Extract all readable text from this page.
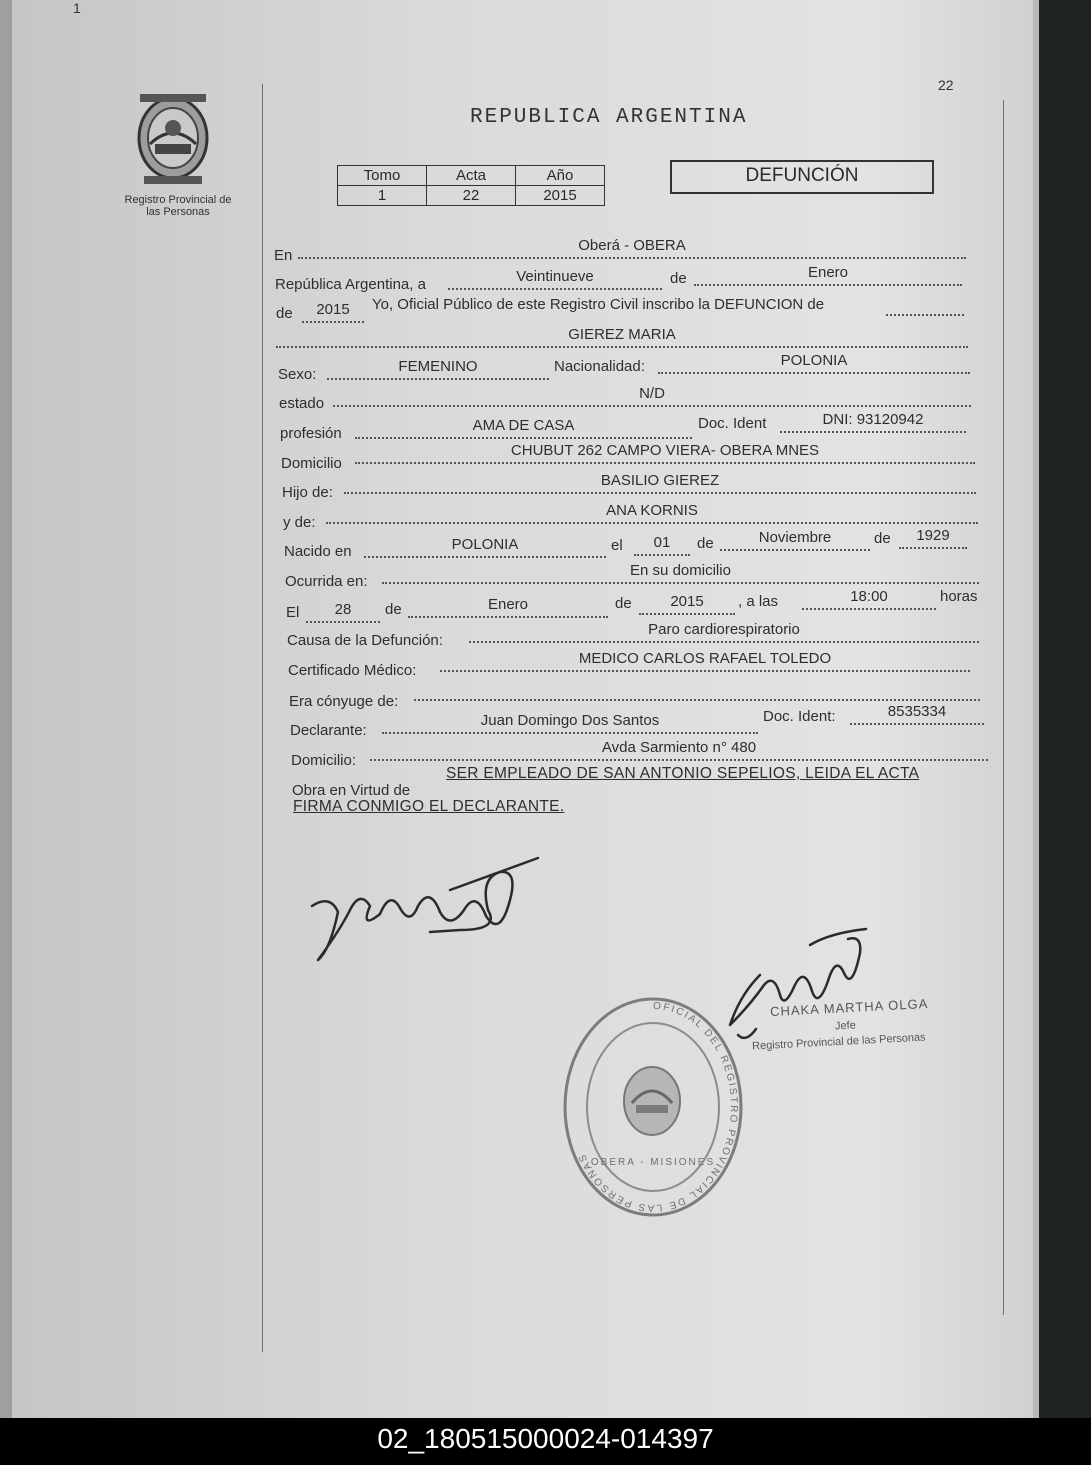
1
22
Registro Provincial de
las Personas
REPUBLICA ARGENTINA
Tomo	Acta	Año
1	22	2015
DEFUNCIÓN
En
Oberá - OBERA
República Argentina, a	Veintinueve	de	Enero
de	2015	Yo, Oficial Público de este Registro Civil inscribo la DEFUNCION de
GIEREZ MARIA
Sexo:	FEMENINO	Nacionalidad:	POLONIA
estado
N/D
profesión	AMA DE CASA	Doc. Ident	DNI: 93120942
Domicilio
CHUBUT 262 CAMPO VIERA- OBERA MNES
Hijo de:
BASILIO GIEREZ
y de:
ANA KORNIS
Nacido en	POLONIA	el	01	de	Noviembre	de	1929
Ocurrida en:
En su domicilio
El	28	de	Enero	de	2015	, a las	18:00	horas
Causa de la Defunción:
Paro cardiorespiratorio
Certificado Médico:
MEDICO CARLOS RAFAEL TOLEDO
Era cónyuge de:
Declarante:
Juan Domingo Dos Santos	Doc. Ident:	8535334
Domicilio:
Avda Sarmiento n° 480
Obra en Virtud de
SER EMPLEADO DE SAN ANTONIO SEPELIOS, LEIDA EL ACTA
FIRMA CONMIGO EL DECLARANTE.
OFICIAL DEL REGISTRO PROVINCIAL DE LAS PERSONAS OBERA - MISIONES
CHAKA MARTHA OLGA
Jefe
Registro Provincial de las Personas
02_180515000024-014397
